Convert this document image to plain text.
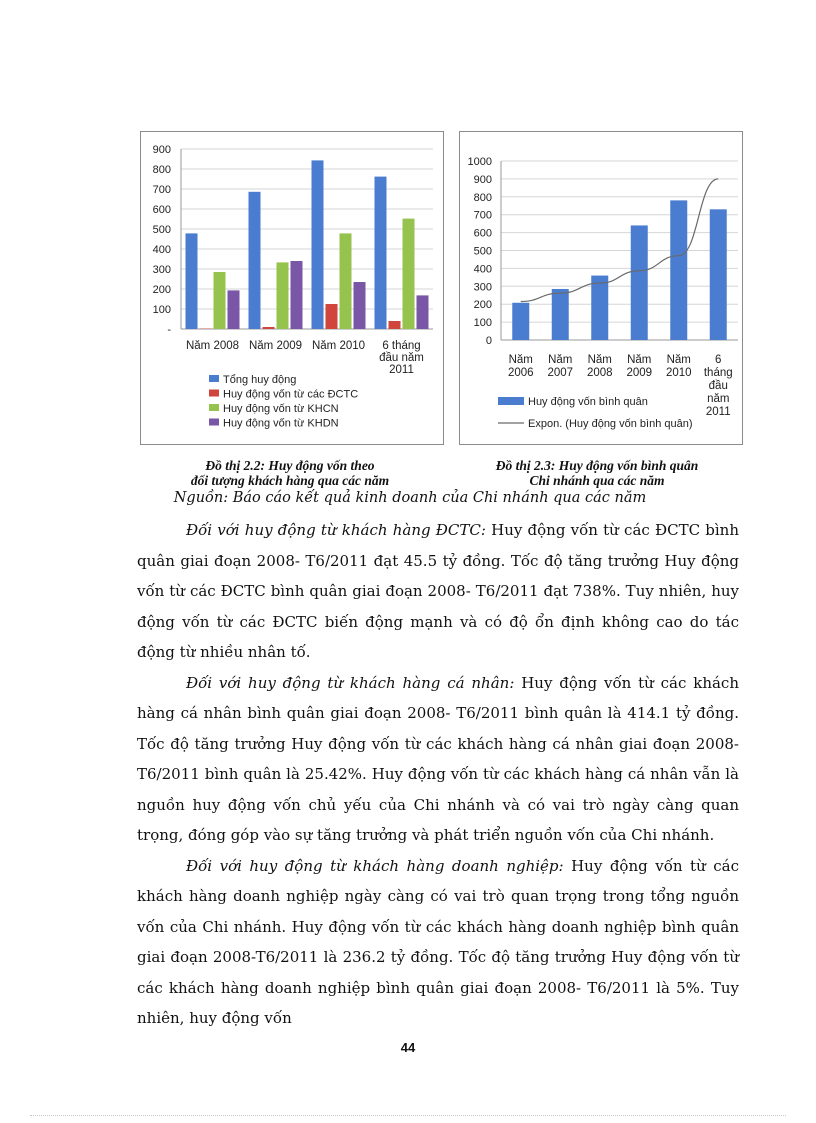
-
100
200
300
400
500
600
700
800
900
Năm 2008 Năm 2009 Năm 2010 6 tháng
đầu năm
2011
Tổng huy động
Huy động vốn từ các ĐCTC
Huy động vốn từ KHCN
Huy động vốn từ KHDN
0
100
200
300
400
500
600
700
800
900
1000
Năm
2006
Năm
2007
Năm
2008
Năm
2009
Năm
2010
6
tháng
đầu
năm
2011
Huy động vốn bình quân
Expon. (Huy động vốn bình quân)
Đồ thị 2.2: Huy động vốn theo
đối tượng khách hàng qua các năm
Đồ thị 2.3: Huy động vốn bình quân
Chi nhánh qua các năm
Nguồn: Báo cáo kết quả kinh doanh của Chi nhánh qua các năm

Đối với huy động từ khách hàng ĐCTC: Huy động vốn từ các ĐCTC bình quân giai đoạn 2008- T6/2011 đạt 45.5 tỷ đồng. Tốc độ tăng trưởng Huy động vốn từ các ĐCTC bình quân giai đoạn 2008- T6/2011 đạt 738%. Tuy nhiên, huy động vốn từ các ĐCTC biến động mạnh và có độ ổn định không cao do tác động từ nhiều nhân tố.

Đối với huy động từ khách hàng cá nhân: Huy động vốn từ các khách hàng cá nhân bình quân giai đoạn 2008- T6/2011 bình quân là 414.1 tỷ đồng. Tốc độ tăng trưởng Huy động vốn từ các khách hàng cá nhân giai đoạn 2008-T6/2011 bình quân là 25.42%. Huy động vốn từ các khách hàng cá nhân vẫn là nguồn huy động vốn chủ yếu của Chi nhánh và có vai trò ngày càng quan trọng, đóng góp vào sự tăng trưởng và phát triển nguồn vốn của Chi nhánh.

Đối với huy động từ khách hàng doanh nghiệp: Huy động vốn từ các khách hàng doanh nghiệp ngày càng có vai trò quan trọng trong tổng nguồn vốn của Chi nhánh. Huy động vốn từ các khách hàng doanh nghiệp bình quân giai đoạn 2008-T6/2011 là 236.2 tỷ đồng. Tốc độ tăng trưởng Huy động vốn từ các khách hàng doanh nghiệp bình quân giai đoạn 2008- T6/2011 là 5%. Tuy nhiên, huy động vốn

44
